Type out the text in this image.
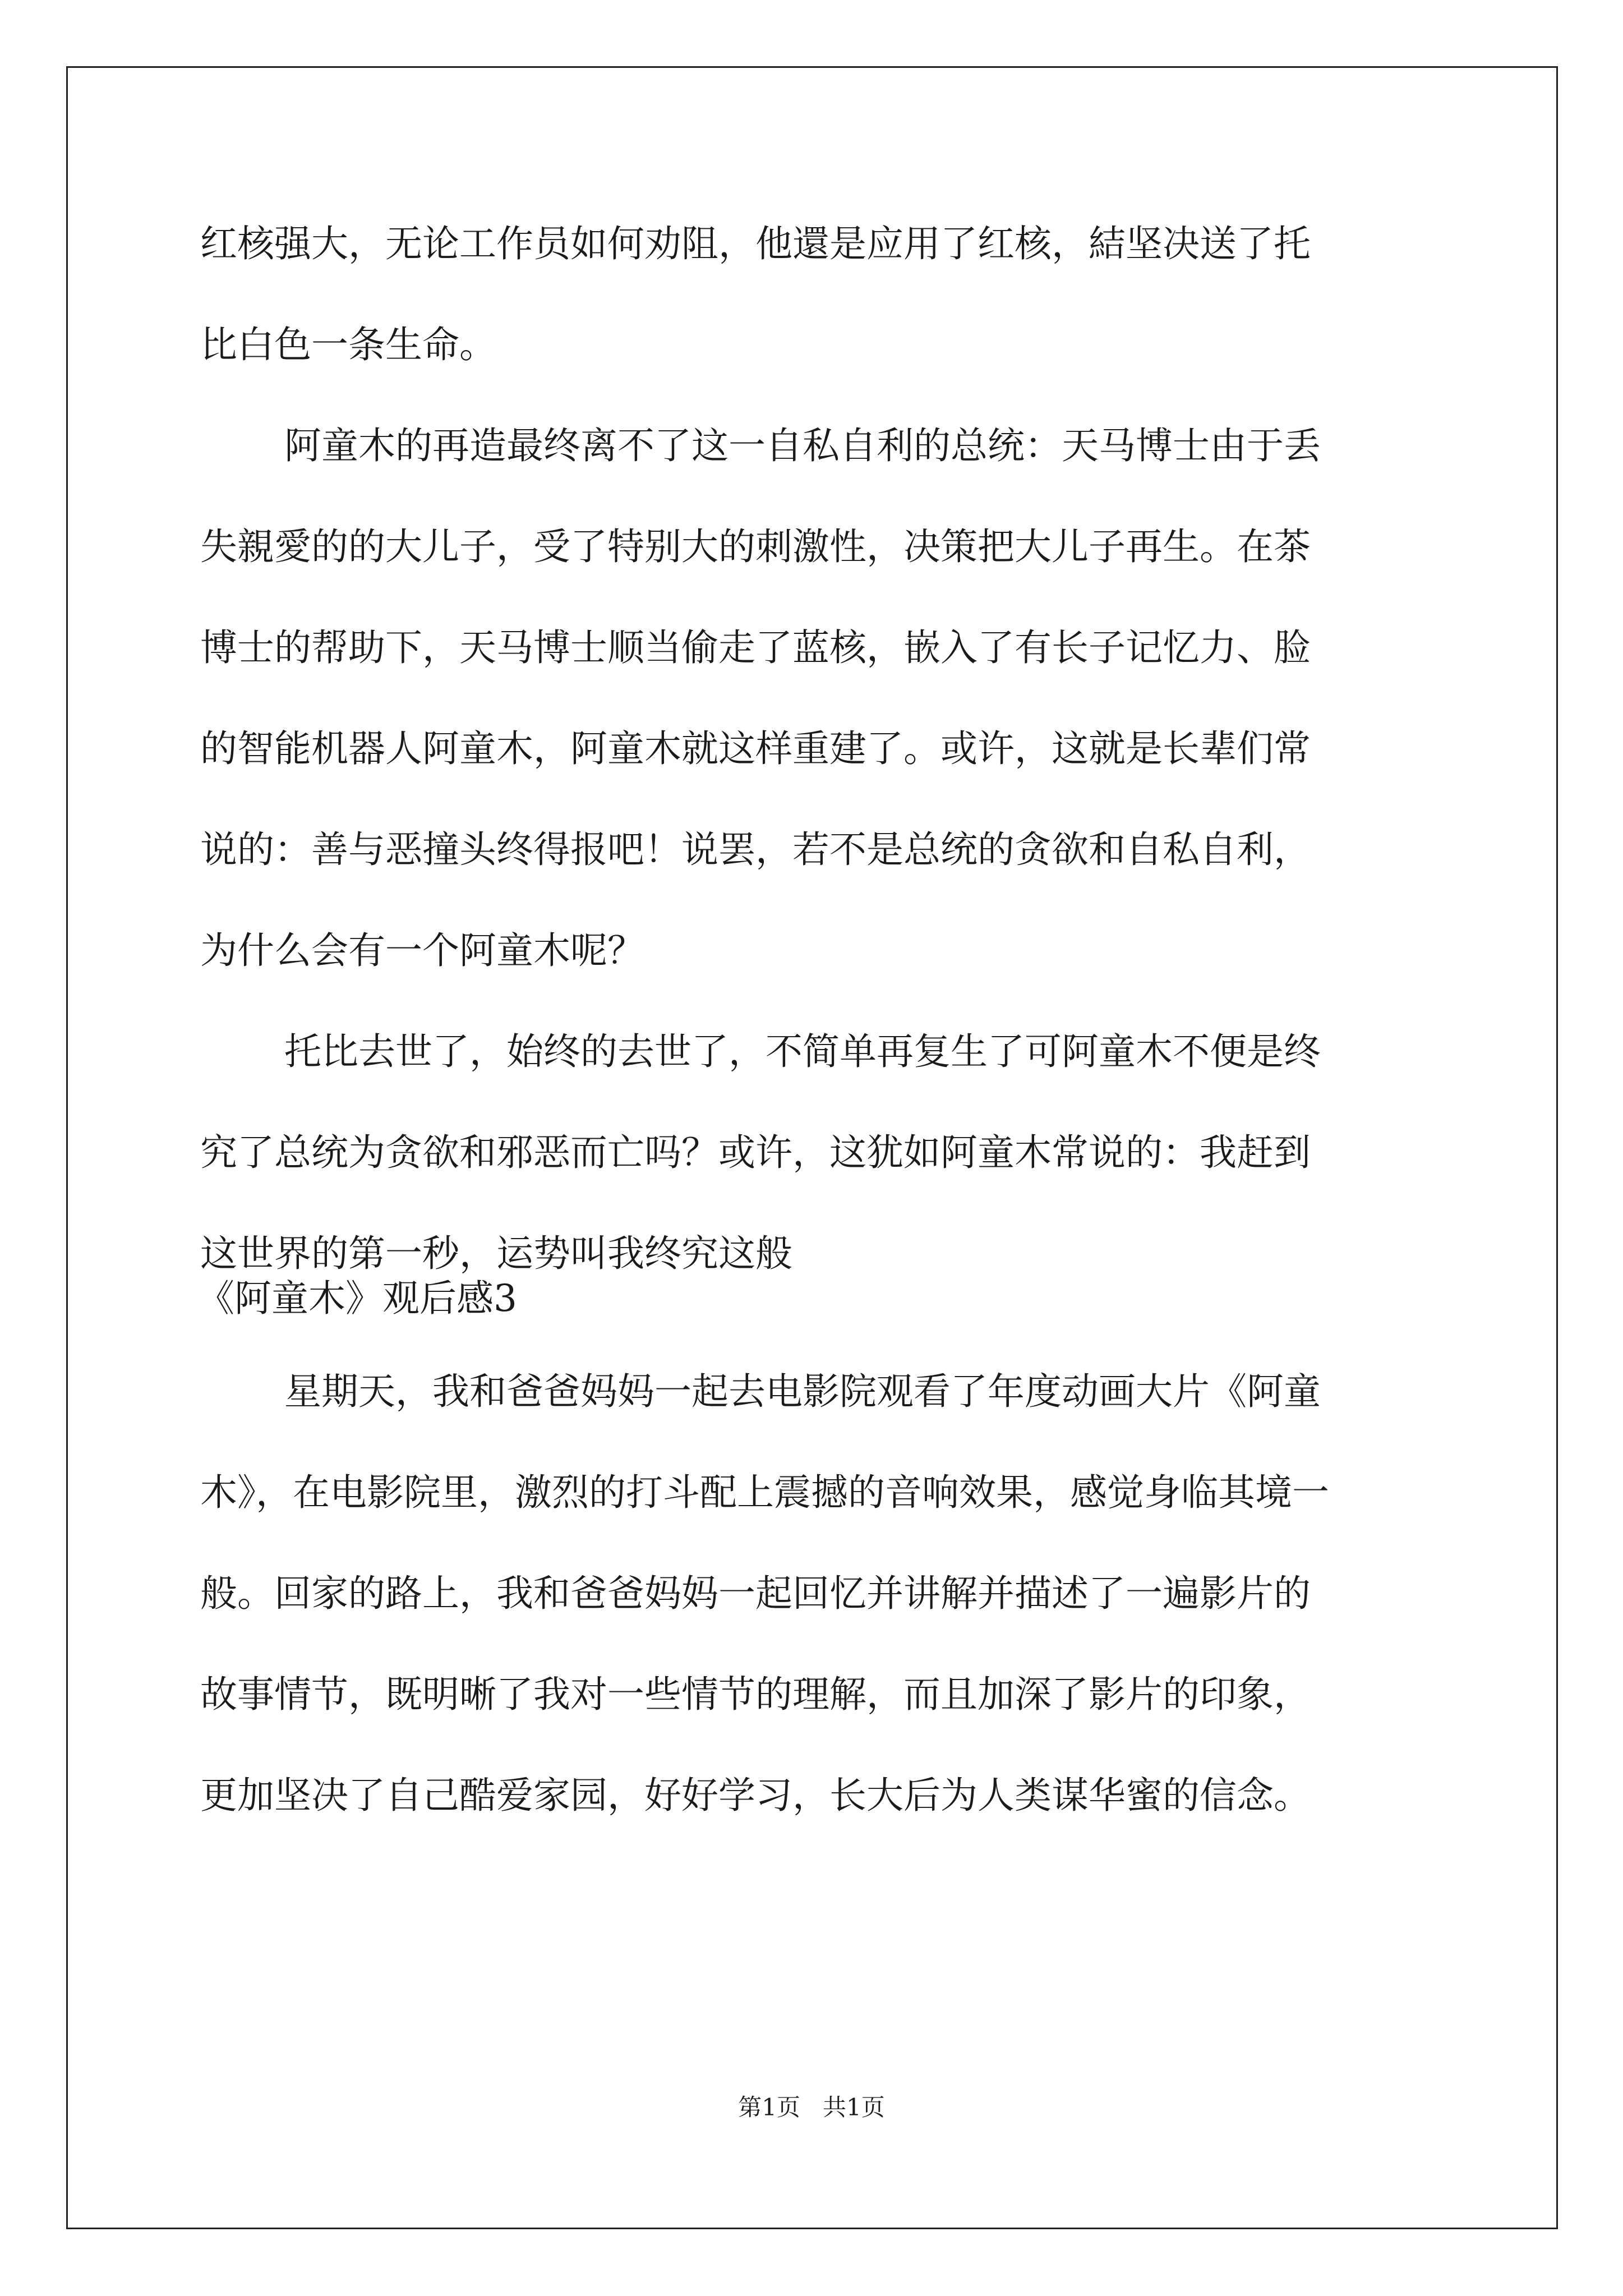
红核强大，无论工作员如何劝阻，他還是应用了红核，結坚决送了托

比白色一条生命。

阿童木的再造最终离不了这一自私自利的总统：天马博士由于丢

失親愛的的大儿子，受了特别大的刺激性，决策把大儿子再生。在茶

博士的帮助下，天马博士顺当偷走了蓝核，嵌入了有长子记忆力、脸

的智能机器人阿童木，阿童木就这样重建了。或许，这就是长辈们常

说的：善与恶撞头终得报吧！说罢，若不是总统的贪欲和自私自利，

为什么会有一个阿童木呢？

托比去世了，始终的去世了，不简单再复生了可阿童木不便是终

究了总统为贪欲和邪恶而亡吗？或许，这犹如阿童木常说的：我赶到

这世界的第一秒，运势叫我终究这般

《阿童木》观后感3

星期天，我和爸爸妈妈一起去电影院观看了年度动画大片《阿童

木》，在电影院里，激烈的打斗配上震撼的音响效果，感觉身临其境一

般。回家的路上，我和爸爸妈妈一起回忆并讲解并描述了一遍影片的

故事情节，既明晰了我对一些情节的理解，而且加深了影片的印象，

更加坚决了自己酷爱家园，好好学习，长大后为人类谋华蜜的信念。

第1页   共1页
